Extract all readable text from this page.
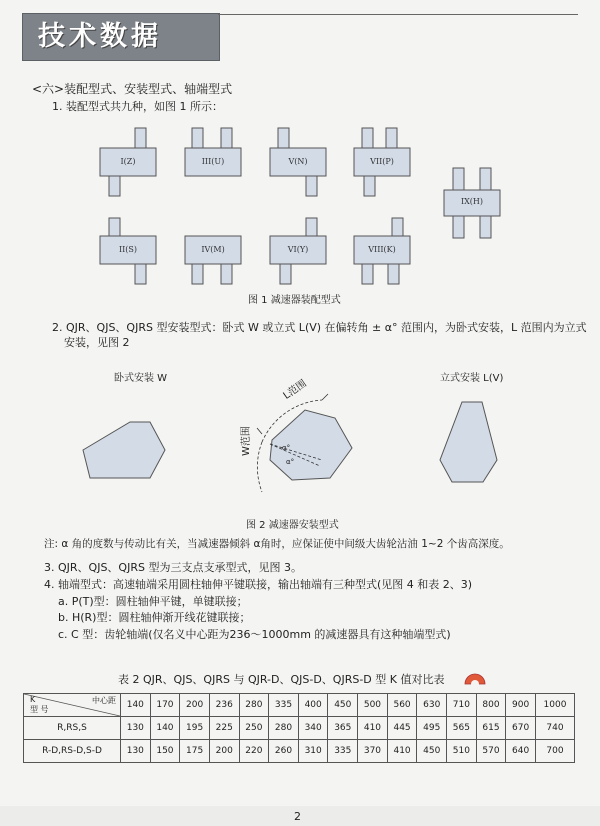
技术数据
<六>装配型式、安装型式、轴端型式
1. 装配型式共九种，如图 1 所示：
I(Z)	III(U)	V(N)	VII(P)
IX(H)
II(S)	IV(M)	VI(Y)	VIII(K)
图 1 减速器装配型式
2. QJR、QJS、QJRS 型安装型式：卧式 W 或立式 L(V) 在偏转角 ± α° 范围内，为卧式安装，L 范围内为立式
安装，见图 2
卧式安装 W	立式安装 L(V)
L范围
W范围	α°
α°
图 2 减速器安装型式
注: α 角的度数与传动比有关，当减速器倾斜 α角时，应保证使中间级大齿轮沾油 1~2 个齿高深度。
3. QJR、QJS、QJRS 型为三支点支承型式，见图 3。
4. 轴端型式：高速轴端采用圆柱轴伸平键联接，输出轴端有三种型式(见图 4 和表 2、3)
a. P(T)型：圆柱轴伸平键，单键联接；
b. H(R)型：圆柱轴伸渐开线花键联接；
c. C 型：齿轮轴端(仅名义中心距为236～1000mm 的减速器具有这种轴端型式)
表 2 QJR、QJS、QJRS 与 QJR-D、QJS-D、QJRS-D 型 K 值对比表
中心距
K
型 号	140	170	200	236	280	335	400	450	500	560	630	710	800	900	1000
R,RS,S	130	140	195	225	250	280	340	365	410	445	495	565	615	670	740
R-D,RS-D,S-D	130	150	175	200	220	260	310	335	370	410	450	510	570	640	700
2
